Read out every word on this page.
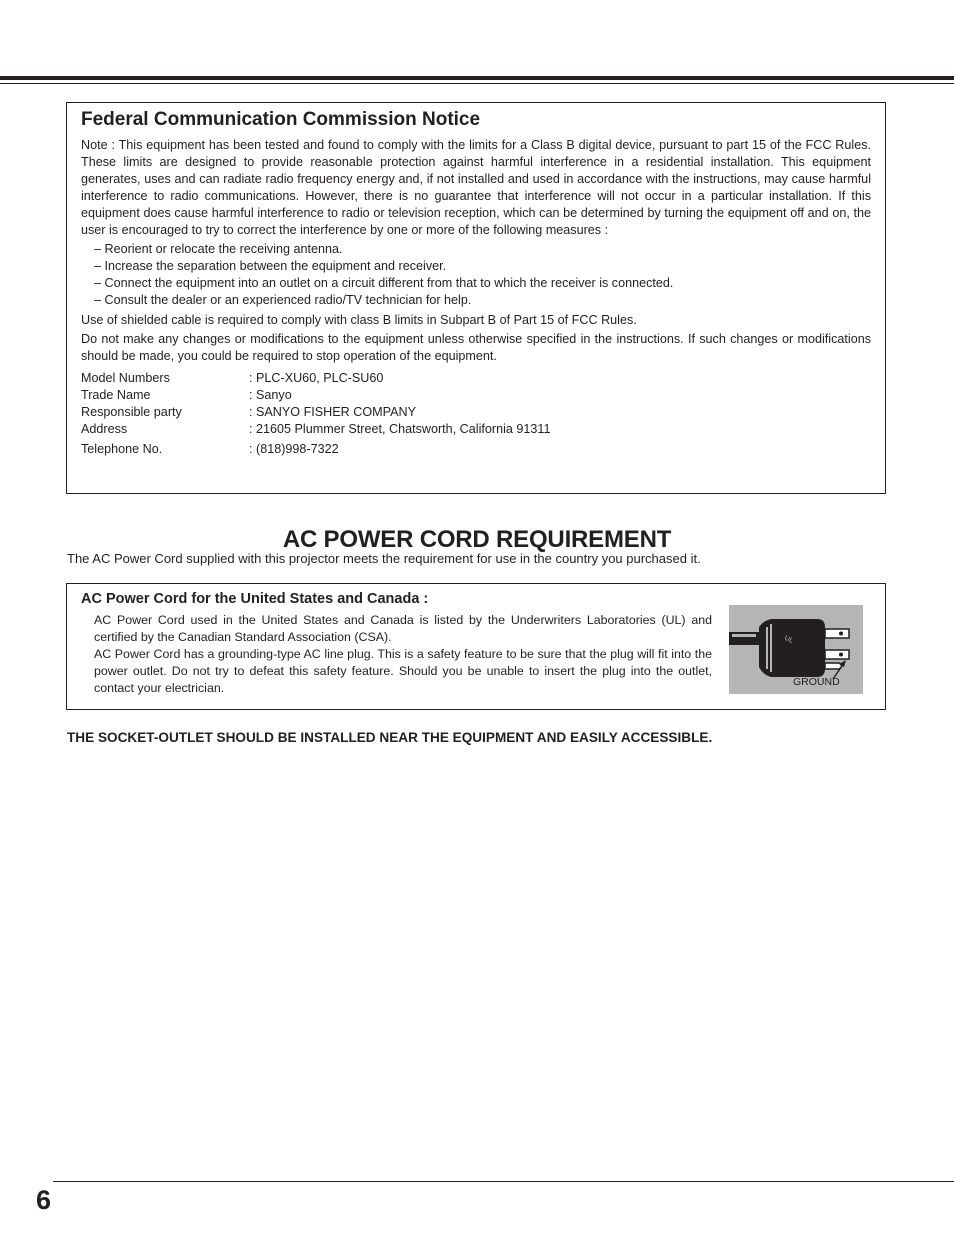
Federal Communication Commission Notice

Note : This equipment has been tested and found to comply with the limits for a Class B digital device, pursuant to part 15 of the FCC Rules. These limits are designed to provide reasonable protection against harmful interference in a residential installation. This equipment generates, uses and can radiate radio frequency energy and, if not installed and used in accordance with the instructions, may cause harmful interference to radio communications. However, there is no guarantee that interference will not occur in a particular installation. If this equipment does cause harmful interference to radio or television reception, which can be determined by turning the equipment off and on, the user is encouraged to try to correct the interference by one or more of the following measures :

– Reorient or relocate the receiving antenna.
– Increase the separation between the equipment and receiver.
– Connect the equipment into an outlet on a circuit different from that to which the receiver is connected.
– Consult the dealer or an experienced radio/TV technician for help.

Use of shielded cable is required to comply with class B limits in Subpart B of Part 15 of FCC Rules.

Do not make any changes or modifications to the equipment unless otherwise specified in the instructions. If such changes or modifications should be made, you could be required to stop operation of the equipment.

Model Numbers	: PLC-XU60, PLC-SU60
Trade Name	: Sanyo
Responsible party	: SANYO FISHER COMPANY
Address	: 21605 Plummer Street, Chatsworth, California 91311
Telephone No.	: (818)998-7322
AC POWER CORD REQUIREMENT

The AC Power Cord supplied with this projector meets the requirement for use in the country you purchased it.

AC Power Cord for the United States and Canada :

AC Power Cord used in the United States and Canada is listed by the Underwriters Laboratories (UL) and certified by the Canadian Standard Association (CSA).

AC Power Cord has a grounding-type AC line plug. This is a safety feature to be sure that the plug will fit into the power outlet. Do not try to defeat this safety feature. Should you be unable to insert the plug into the outlet, contact your electrician.

UL
GROUND
THE SOCKET-OUTLET SHOULD BE INSTALLED NEAR THE EQUIPMENT AND EASILY ACCESSIBLE.
6
